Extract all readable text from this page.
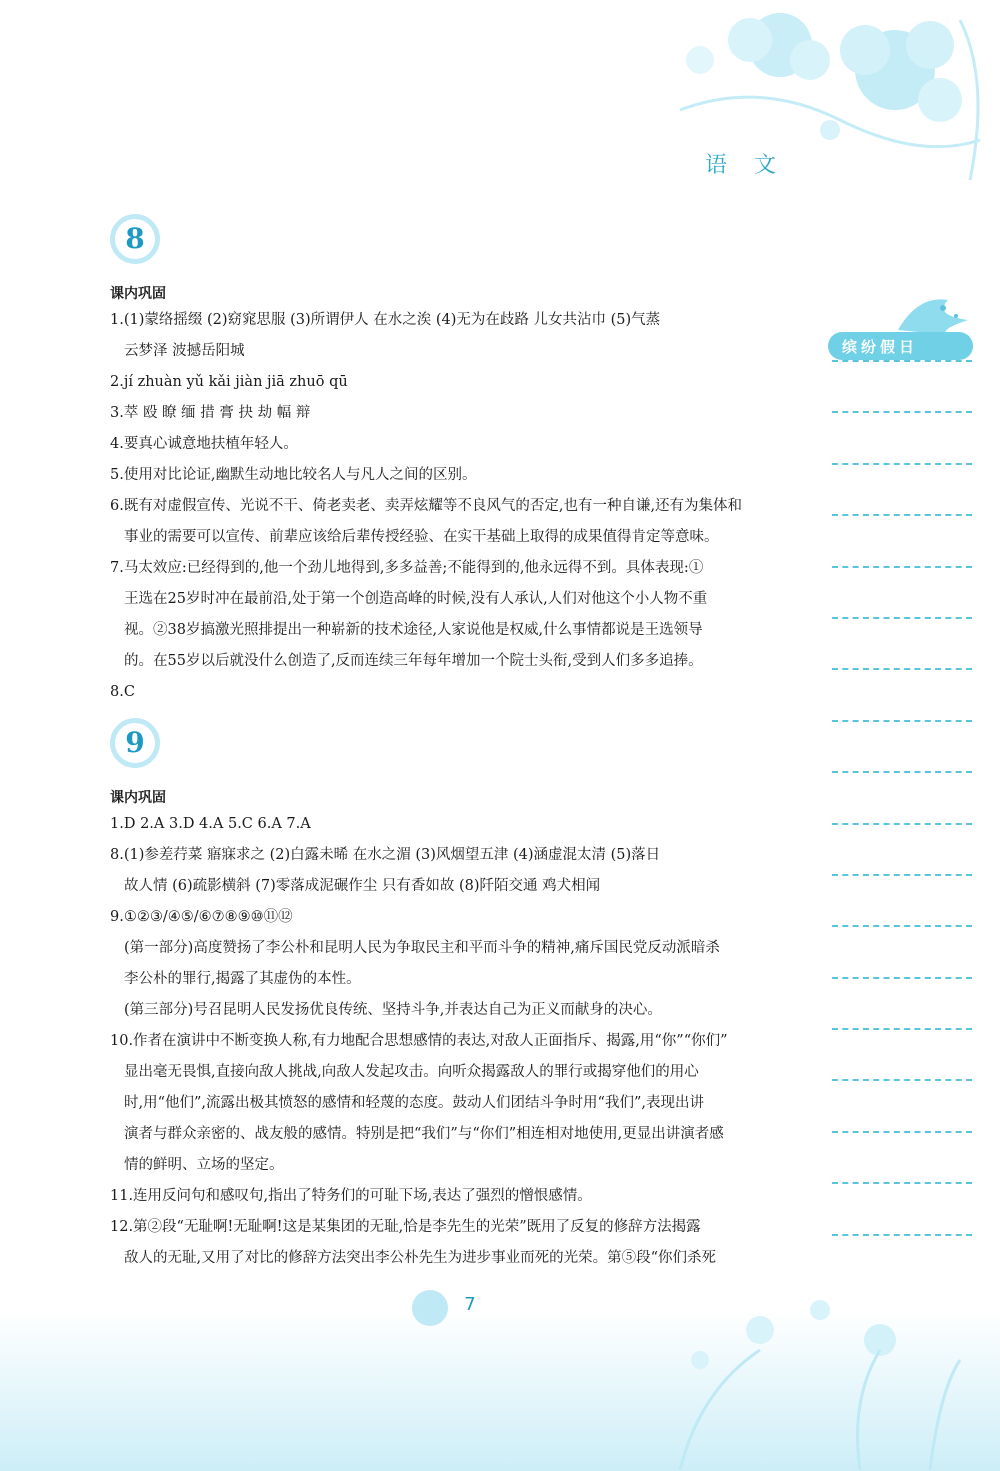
语 文
缤纷假日
8
课内巩固
1.(1)蒙络摇缀 (2)窈窕思服 (3)所谓伊人 在水之涘 (4)无为在歧路 儿女共沾巾 (5)气蒸
云梦泽 波撼岳阳城
2.jí zhuàn yǔ kǎi jiàn jiā zhuō qū
3.萃 殴 瞭 缅 措 膏 抉 劫 幅 辩
4.要真心诚意地扶植年轻人。
5.使用对比论证,幽默生动地比较名人与凡人之间的区别。
6.既有对虚假宣传、光说不干、倚老卖老、卖弄炫耀等不良风气的否定,也有一种自谦,还有为集体和
事业的需要可以宣传、前辈应该给后辈传授经验、在实干基础上取得的成果值得肯定等意味。
7.马太效应:已经得到的,他一个劲儿地得到,多多益善;不能得到的,他永远得不到。具体表现:①
王选在25岁时冲在最前沿,处于第一个创造高峰的时候,没有人承认,人们对他这个小人物不重
视。②38岁搞激光照排提出一种崭新的技术途径,人家说他是权威,什么事情都说是王选领导
的。在55岁以后就没什么创造了,反而连续三年每年增加一个院士头衔,受到人们多多追捧。
8.C
9
课内巩固
1.D 2.A 3.D 4.A 5.C 6.A 7.A
8.(1)参差荇菜 寤寐求之 (2)白露未晞 在水之湄 (3)风烟望五津 (4)涵虚混太清 (5)落日
故人情 (6)疏影横斜 (7)零落成泥碾作尘 只有香如故 (8)阡陌交通 鸡犬相闻
9.①②③/④⑤/⑥⑦⑧⑨⑩⑪⑫
(第一部分)高度赞扬了李公朴和昆明人民为争取民主和平而斗争的精神,痛斥国民党反动派暗杀
李公朴的罪行,揭露了其虚伪的本性。
(第三部分)号召昆明人民发扬优良传统、坚持斗争,并表达自己为正义而献身的决心。
10.作者在演讲中不断变换人称,有力地配合思想感情的表达,对敌人正面指斥、揭露,用“你”“你们”
显出毫无畏惧,直接向敌人挑战,向敌人发起攻击。向听众揭露敌人的罪行或揭穿他们的用心
时,用“他们”,流露出极其愤怒的感情和轻蔑的态度。鼓动人们团结斗争时用“我们”,表现出讲
演者与群众亲密的、战友般的感情。特别是把“我们”与“你们”相连相对地使用,更显出讲演者感
情的鲜明、立场的坚定。
11.连用反问句和感叹句,指出了特务们的可耻下场,表达了强烈的憎恨感情。
12.第②段“无耻啊!无耻啊!这是某集团的无耻,恰是李先生的光荣”既用了反复的修辞方法揭露
敌人的无耻,又用了对比的修辞方法突出李公朴先生为进步事业而死的光荣。第⑤段“你们杀死
7
